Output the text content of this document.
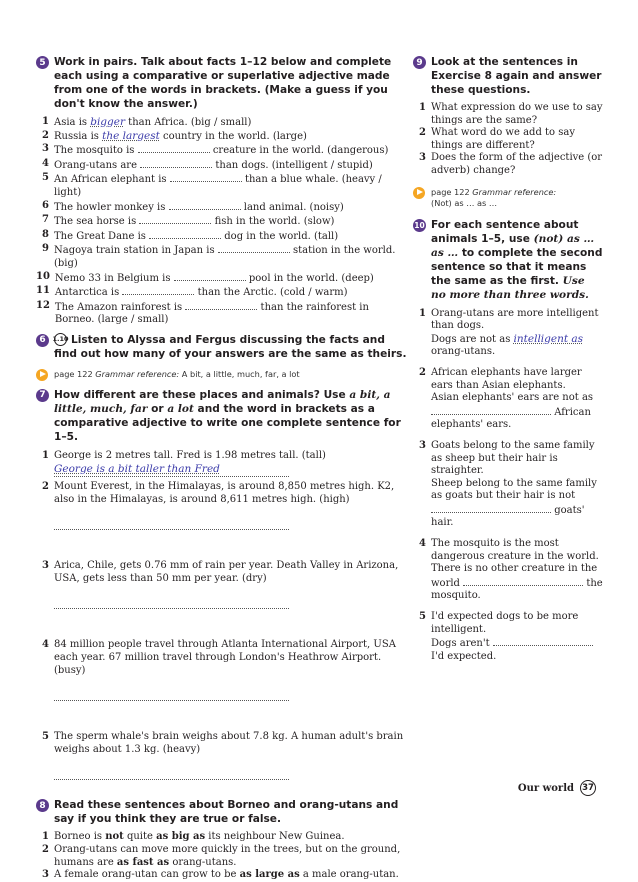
5 Work in pairs. Talk about facts 1–12 below and complete each using a comparative or superlative adjective made from one of the words in brackets. (Make a guess if you don't know the answer.)
1 Asia is bigger than Africa. (big / small)
2 Russia is the largest country in the world. (large)
3 The mosquito is	creature in the world. (dangerous)
4 Orang-utans are	than dogs. (intelligent / stupid)
5 An African elephant is	than a blue whale. (heavy / light)
6 The howler monkey is	land animal. (noisy)
7 The sea horse is	fish in the world. (slow)
8 The Great Dane is	dog in the world. (tall)
9 Nagoya train station in Japan is	station in the world. (big)
10 Nemo 33 in Belgium is	pool in the world. (deep)
11 Antarctica is	than the Arctic. (cold / warm)
12 The Amazon rainforest is	than the rainforest in Borneo. (large / small)
6	1.10 Listen to Alyssa and Fergus discussing the facts and find out how many of your answers are the same as theirs.
page 122
Grammar reference:
A bit, a little, much, far, a lot
7 How different are these places and animals? Use a bit, a little, much, far or a lot and the word in brackets as a comparative adjective to write one complete sentence for 1–5.
1 George is 2 metres tall. Fred is 1.98 metres tall. (tall)
George is a bit taller than Fred
2 Mount Everest, in the Himalayas, is around 8,850 metres high. K2, also in the Himalayas, is around 8,611 metres high. (high)
3 Arica, Chile, gets 0.76 mm of rain per year. Death Valley in Arizona, USA, gets less than 50 mm per year. (dry)
4 84 million people travel through Atlanta International Airport, USA each year. 67 million travel through London's Heathrow Airport. (busy)
5 The sperm whale's brain weighs about 7.8 kg. A human adult's brain weighs about 1.3 kg. (heavy)
8 Read these sentences about Borneo and orang-utans and say if you think they are true or false.
1 Borneo is not quite as big as its neighbour New Guinea.
2 Orang-utans can move more quickly in the trees, but on the ground, humans are as fast as orang-utans.
3 A female orang-utan can grow to be as large as a male orang-utan.
9 Look at the sentences in Exercise 8 again and answer these questions.
1 What expression do we use to say things are the same?
2 What word do we add to say things are different?
3 Does the form of the adjective (or adverb) change?
page 122 Grammar reference:
(Not) as … as …
10 For each sentence about animals 1–5, use (not) as … as … to complete the second sentence so that it means the same as the first. Use no more than three words.
1 Orang-utans are more intelligent than dogs.
Dogs are not as intelligent as orang-utans.
2 African elephants have larger ears than Asian elephants.
Asian elephants' ears are not as  African elephants' ears.
3 Goats belong to the same family as sheep but their hair is straighter.
Sheep belong to the same family as goats but their hair is not  goats' hair.
4 The mosquito is the most dangerous creature in the world.
There is no other creature in the world	the mosquito.
5 I'd expected dogs to be more intelligent.
Dogs aren't  I'd expected.
Our world 37
